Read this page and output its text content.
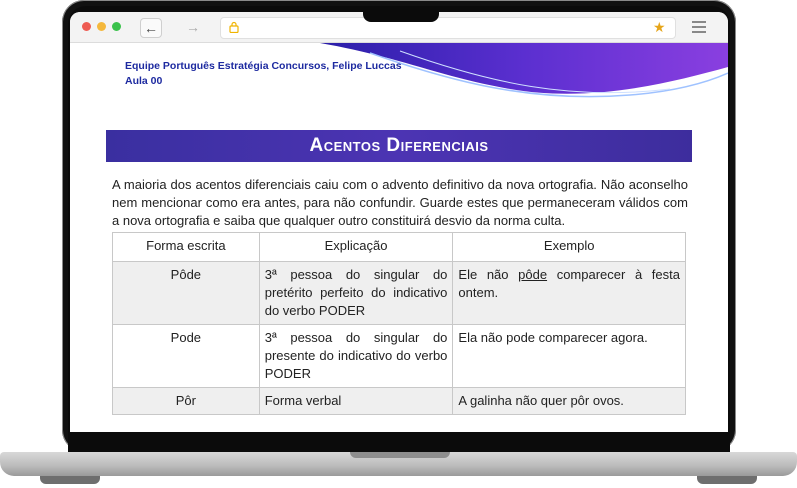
← →	★
Equipe Português Estratégia Concursos, Felipe Luccas
Aula 00
Acentos Diferenciais
A maioria dos acentos diferenciais caiu com o advento definitivo da nova ortografia. Não aconselho nem mencionar como era antes, para não confundir. Guarde estes que permaneceram válidos com a nova ortografia e saiba que qualquer outro constituirá desvio da norma culta.
Forma escrita	Explicação	Exemplo
Pôde	3ª pessoa do singular do pretérito perfeito do indicativo do verbo PODER	Ele não pôde comparecer à festa ontem.
Pode	3ª pessoa do singular do presente do indicativo do verbo PODER	Ela não pode comparecer agora.
Pôr	Forma verbal	A galinha não quer pôr ovos.
